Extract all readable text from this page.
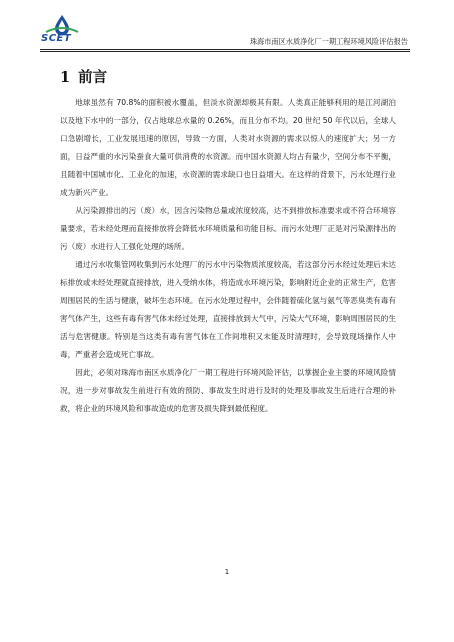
SCET	珠海市南区水质净化厂一期工程环境风险评估报告
1 前言

地球虽然有 70.8%的面积被水覆盖，但淡水资源却极其有限。人类真正能够利用的是江河湖泊以及地下水中的一部分，仅占地球总水量的 0.26%，而且分布不均。20 世纪 50 年代以后，全球人口急剧增长，工业发展迅速的原因，导致一方面，人类对水资源的需求以惊人的速度扩大；另一方面，日益严重的水污染蚕食大量可供消费的水资源。而中国水资源人均占有量少，空间分布不平衡，且随着中国城市化、工业化的加速，水资源的需求缺口也日益增大。在这样的背景下，污水处理行业成为新兴产业。

从污染源排出的污（废）水，因含污染物总量或浓度较高，达不到排放标准要求或不符合环境容量要求，若未经处理而直接排放将会降低水环境质量和功能目标。而污水处理厂正是对污染源排出的污（废）水进行人工强化处理的场所。

通过污水收集管网收集到污水处理厂的污水中污染物质浓度较高，若这部分污水经过处理后未达标排放或未经处理就直接排放，进入受纳水体，将造成水环境污染，影响附近企业的正常生产，危害周围居民的生活与健康，破坏生态环境。在污水处理过程中，会伴随着硫化氢与氨气等恶臭类有毒有害气体产生，这些有毒有害气体未经过处理，直接排放到大气中，污染大气环境，影响周围居民的生活与危害健康。特别是当这类有毒有害气体在工作间堆积又未能及时清理时，会导致现场操作人中毒，严重者会造成死亡事故。

因此，必须对珠海市南区水质净化厂一期工程进行环境风险评估，以掌握企业主要的环境风险情况，进一步对事故发生前进行有效的预防、事故发生时进行及时的处理及事故发生后进行合理的补救，将企业的环境风险和事故造成的危害及损失降到最低程度。

1
